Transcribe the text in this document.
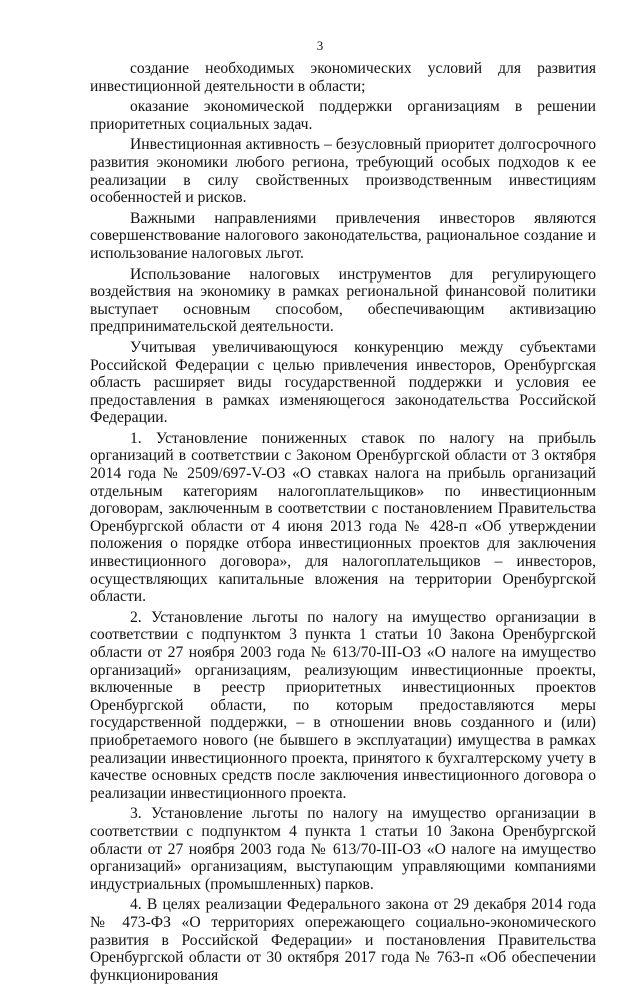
3

создание необходимых экономических условий для развития инвестиционной деятельности в области;

оказание экономической поддержки организациям в решении приоритетных социальных задач.

Инвестиционная активность – безусловный приоритет долгосрочного развития экономики любого региона, требующий особых подходов к ее реализации в силу свойственных производственным инвестициям особенностей и рисков.

Важными направлениями привлечения инвесторов являются совершенствование налогового законодательства, рациональное создание и использование налоговых льгот.

Использование налоговых инструментов для регулирующего воздействия на экономику в рамках региональной финансовой политики выступает основным способом, обеспечивающим активизацию предпринимательской деятельности.

Учитывая увеличивающуюся конкуренцию между субъектами Российской Федерации с целью привлечения инвесторов, Оренбургская область расширяет виды государственной поддержки и условия ее предоставления в рамках изменяющегося законодательства Российской Федерации.

1. Установление пониженных ставок по налогу на прибыль организаций в соответствии с Законом Оренбургской области от 3 октября 2014 года № 2509/697-V-ОЗ «О ставках налога на прибыль организаций отдельным категориям налогоплательщиков» по инвестиционным договорам, заключенным в соответствии с постановлением Правительства Оренбургской области от 4 июня 2013 года № 428-п «Об утверждении положения о порядке отбора инвестиционных проектов для заключения инвестиционного договора», для налогоплательщиков – инвесторов, осуществляющих капитальные вложения на территории Оренбургской области.

2. Установление льготы по налогу на имущество организации в соответствии с подпунктом 3 пункта 1 статьи 10 Закона Оренбургской области от 27 ноября 2003 года № 613/70-III-ОЗ «О налоге на имущество организаций» организациям, реализующим инвестиционные проекты, включенные в реестр приоритетных инвестиционных проектов Оренбургской области, по которым предоставляются меры государственной поддержки, – в отношении вновь созданного и (или) приобретаемого нового (не бывшего в эксплуатации) имущества в рамках реализации инвестиционного проекта, принятого к бухгалтерскому учету в качестве основных средств после заключения инвестиционного договора о реализации инвестиционного проекта.

3. Установление льготы по налогу на имущество организации в соответствии с подпунктом 4 пункта 1 статьи 10 Закона Оренбургской области от 27 ноября 2003 года № 613/70-III-ОЗ «О налоге на имущество организаций» организациям, выступающим управляющими компаниями индустриальных (промышленных) парков.

4. В целях реализации Федерального закона от 29 декабря 2014 года № 473-ФЗ «О территориях опережающего социально-экономического развития в Российской Федерации» и постановления Правительства Оренбургской области от 30 октября 2017 года № 763-п «Об обеспечении функционирования
